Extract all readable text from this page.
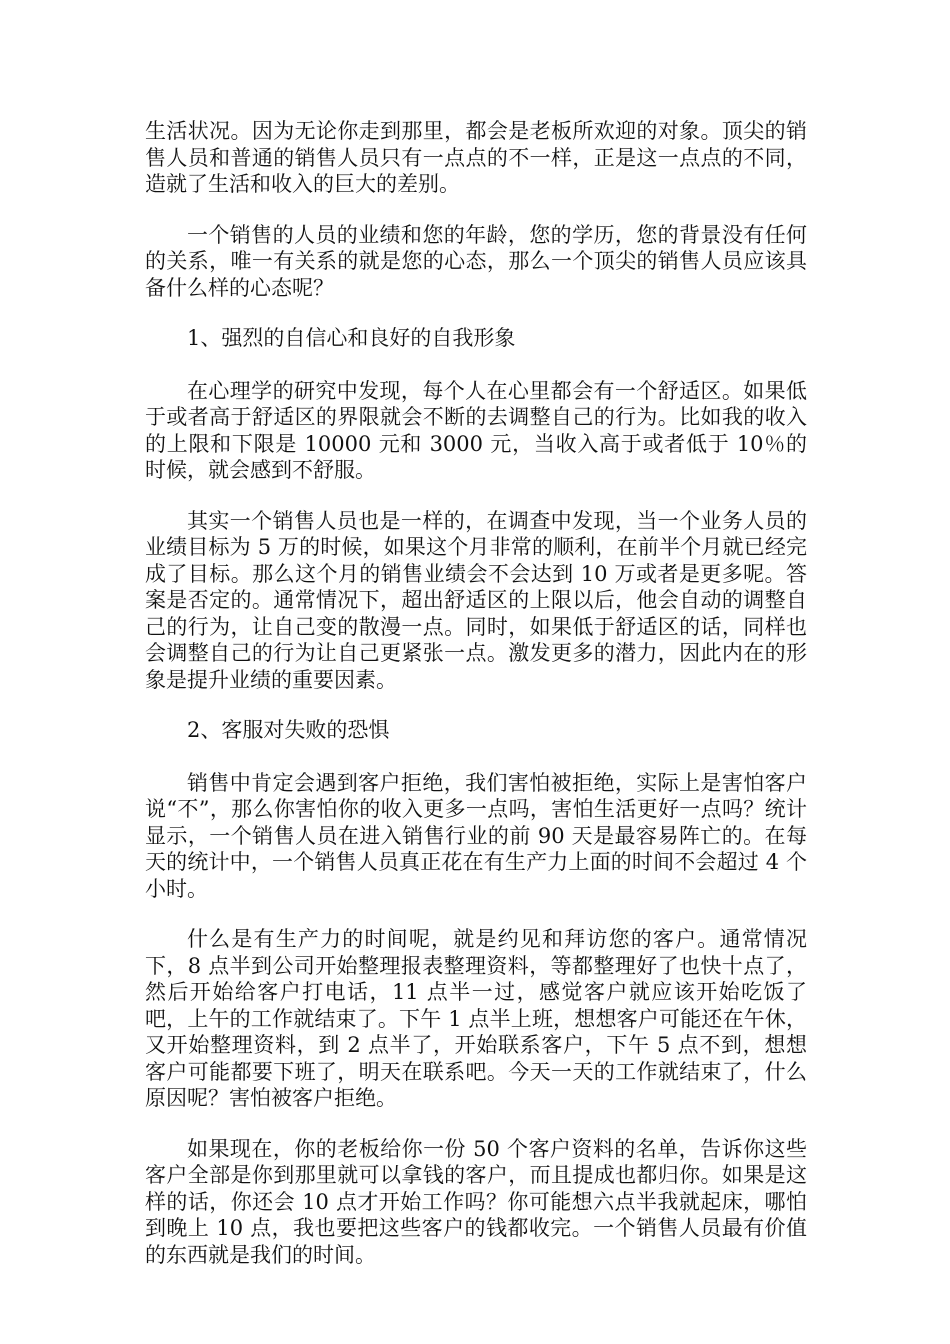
生活状况。因为无论你走到那里，都会是老板所欢迎的对象。顶尖的销售人员和普通的销售人员只有一点点的不一样，正是这一点点的不同，造就了生活和收入的巨大的差别。

一个销售的人员的业绩和您的年龄，您的学历，您的背景没有任何的关系，唯一有关系的就是您的心态，那么一个顶尖的销售人员应该具备什么样的心态呢？

1、强烈的自信心和良好的自我形象

在心理学的研究中发现，每个人在心里都会有一个舒适区。如果低于或者高于舒适区的界限就会不断的去调整自己的行为。比如我的收入的上限和下限是 10000 元和 3000 元，当收入高于或者低于 10％的时候，就会感到不舒服。

其实一个销售人员也是一样的，在调查中发现，当一个业务人员的业绩目标为 5 万的时候，如果这个月非常的顺利，在前半个月就已经完成了目标。那么这个月的销售业绩会不会达到 10 万或者是更多呢。答案是否定的。通常情况下，超出舒适区的上限以后，他会自动的调整自己的行为，让自己变的散漫一点。同时，如果低于舒适区的话，同样也会调整自己的行为让自己更紧张一点。激发更多的潜力，因此内在的形象是提升业绩的重要因素。

2、客服对失败的恐惧

销售中肯定会遇到客户拒绝，我们害怕被拒绝，实际上是害怕客户说“不”，那么你害怕你的收入更多一点吗，害怕生活更好一点吗？统计显示，一个销售人员在进入销售行业的前 90 天是最容易阵亡的。在每天的统计中，一个销售人员真正花在有生产力上面的时间不会超过 4 个小时。

什么是有生产力的时间呢，就是约见和拜访您的客户。通常情况下，8 点半到公司开始整理报表整理资料，等都整理好了也快十点了，然后开始给客户打电话，11 点半一过，感觉客户就应该开始吃饭了吧，上午的工作就结束了。下午 1 点半上班，想想客户可能还在午休，又开始整理资料，到 2 点半了，开始联系客户，下午 5 点不到，想想客户可能都要下班了，明天在联系吧。今天一天的工作就结束了，什么原因呢？害怕被客户拒绝。

如果现在，你的老板给你一份 50 个客户资料的名单，告诉你这些客户全部是你到那里就可以拿钱的客户，而且提成也都归你。如果是这样的话，你还会 10 点才开始工作吗？你可能想六点半我就起床，哪怕到晚上 10 点，我也要把这些客户的钱都收完。一个销售人员最有价值的东西就是我们的时间。
